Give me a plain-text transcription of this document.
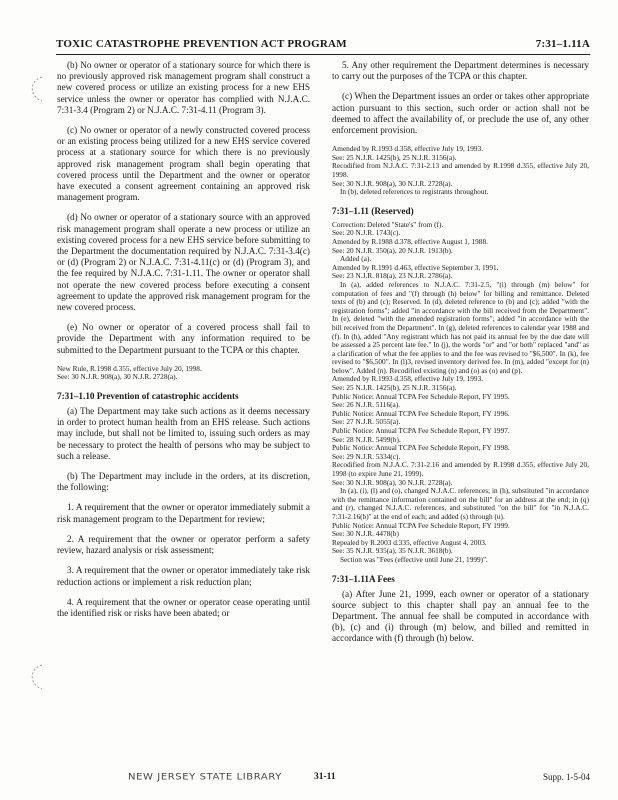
TOXIC CATASTROPHE PREVENTION ACT PROGRAM	7:31–1.11A

(b) No owner or operator of a stationary source for which there is no previously approved risk management program shall construct a new covered process or utilize an existing process for a new EHS service unless the owner or operator has complied with N.J.A.C. 7:31-3.4 (Program 2) or N.J.A.C. 7:31-4.11 (Program 3).

(c) No owner or operator of a newly constructed covered process or an existing process being utilized for a new EHS service covered process at a stationary source for which there is no previously approved risk management program shall begin operating that covered process until the Department and the owner or operator have executed a consent agreement containing an approved risk management program.

(d) No owner or operator of a stationary source with an approved risk management program shall operate a new process or utilize an existing covered process for a new EHS service before submitting to the Department the documentation required by N.J.A.C. 7:31-3.4(c) or (d) (Program 2) or N.J.A.C. 7:31-4.11(c) or (d) (Program 3), and the fee required by N.J.A.C. 7:31-1.11. The owner or operator shall not operate the new covered process before executing a consent agreement to update the approved risk management program for the new covered process.

(e) No owner or operator of a covered process shall fail to provide the Department with any information required to be submitted to the Department pursuant to the TCPA or this chapter.

New Rule, R.1998 d.355, effective July 20, 1998.

See: 30 N.J.R. 908(a), 30 N.J.R. 2728(a).

7:31–1.10 Prevention of catastrophic accidents

(a) The Department may take such actions as it deems necessary in order to protect human health from an EHS release. Such actions may include, but shall not be limited to, issuing such orders as may be necessary to protect the health of persons who may be subject to such a release.

(b) The Department may include in the orders, at its discretion, the following:

1. A requirement that the owner or operator immediately submit a risk management program to the Department for review;

2. A requirement that the owner or operator perform a safety review, hazard analysis or risk assessment;

3. A requirement that the owner or operator immediately take risk reduction actions or implement a risk reduction plan;

4. A requirement that the owner or operator cease operating until the identified risk or risks have been abated; or

5. Any other requirement the Department determines is necessary to carry out the purposes of the TCPA or this chapter.

(c) When the Department issues an order or takes other appropriate action pursuant to this section, such order or action shall not be deemed to affect the availability of, or preclude the use of, any other enforcement provision.

Amended by R.1993 d.358, effective July 19, 1993.

See: 25 N.J.R. 1425(b), 25 N.J.R. 3156(a).

Recodified from N.J.A.C. 7:31-2.13 and amended by R.1998 d.355, effective July 20, 1998.

See: 30 N.J.R. 908(a), 30 N.J.R. 2728(a).

In (b), deleted references to registrants throughout.

7:31–1.11 (Reserved)

Correction: Deleted "State's" from (f).

See: 20 N.J.R. 1743(c).

Amended by R.1988 d.378, effective August 1, 1988.

See: 20 N.J.R. 350(a), 20 N.J.R. 1913(b).

Added (a).

Amended by R.1991 d.463, effective September 3, 1991.

See: 23 N.J.R. 818(a), 23 N.J.R. 2786(a).

In (a), added references to N.J.A.C. 7:31-2.5, "(i) through (m) below" for computation of fees and "(f) through (h) below" for billing and remittance. Deleted texts of (b) and (c); Reserved. In (d), deleted reference to (b) and (c); added "with the registration forms"; added "in accordance with the bill received from the Department". In (e), deleted "with the amended registration forms"; added "in accordance with the bill received from the Department". In (g), deleted references to calendar year 1988 and (f). In (h), added "Any registrant which has not paid its annual fee by the due date will be assessed a 25 percent late fee." In (j), the words "or" and "or both" replaced "and" as a clarification of what the fee applies to and the fee was revised to "$6,500". In (k), fee revised to "$6,500". In (l)3, revised inventory derived fee. In (m), added "except for (n) below". Added (n). Recodified existing (n) and (o) as (o) and (p).

Amended by R.1993 d.358, effective July 19, 1993.

See: 25 N.J.R. 1425(b), 25 N.J.R. 3156(a).

Public Notice: Annual TCPA Fee Schedule Report, FY 1995.

See: 26 N.J.R. 5116(a).

Public Notice: Annual TCPA Fee Schedule Report, FY 1996.

See: 27 N.J.R. 5055(a).

Public Notice: Annual TCPA Fee Schedule Report, FY 1997.

See: 28 N.J.R. 5499(b).

Public Notice: Annual TCPA Fee Schedule Report, FY 1998.

See: 29 N.J.R. 5334(c).

Recodified from N.J.A.C. 7:31-2.16 and amended by R.1998 d.355, effective July 20, 1998 (to expire June 21, 1999).

See: 30 N.J.R. 908(a), 30 N.J.R. 2728(a).

In (a), (i), (l) and (o), changed N.J.A.C. references; in (h), substituted "in accordance with the remittance information contained on the bill" for an address at the end; in (q) and (r), changed N.J.A.C. references, and substituted "on the bill" for "in N.J.A.C. 7:31-2.16(b)" at the end of each; and added (s) through (u).

Public Notice: Annual TCPA Fee Schedule Report, FY 1999.

See: 30 N.J.R. 4478(b)

Repealed by R.2003 d.335, effective August 4, 2003.

See: 35 N.J.R. 935(a), 35 N.J.R. 3618(b).

Section was "Fees (effective until June 21, 1999)".

7:31–1.11A Fees

(a) After June 21, 1999, each owner or operator of a stationary source subject to this chapter shall pay an annual fee to the Department. The annual fee shall be computed in accordance with (b), (c) and (i) through (m) below, and billed and remitted in accordance with (f) through (h) below.

NEW JERSEY STATE LIBRARY	31-11	Supp. 1-5-04
